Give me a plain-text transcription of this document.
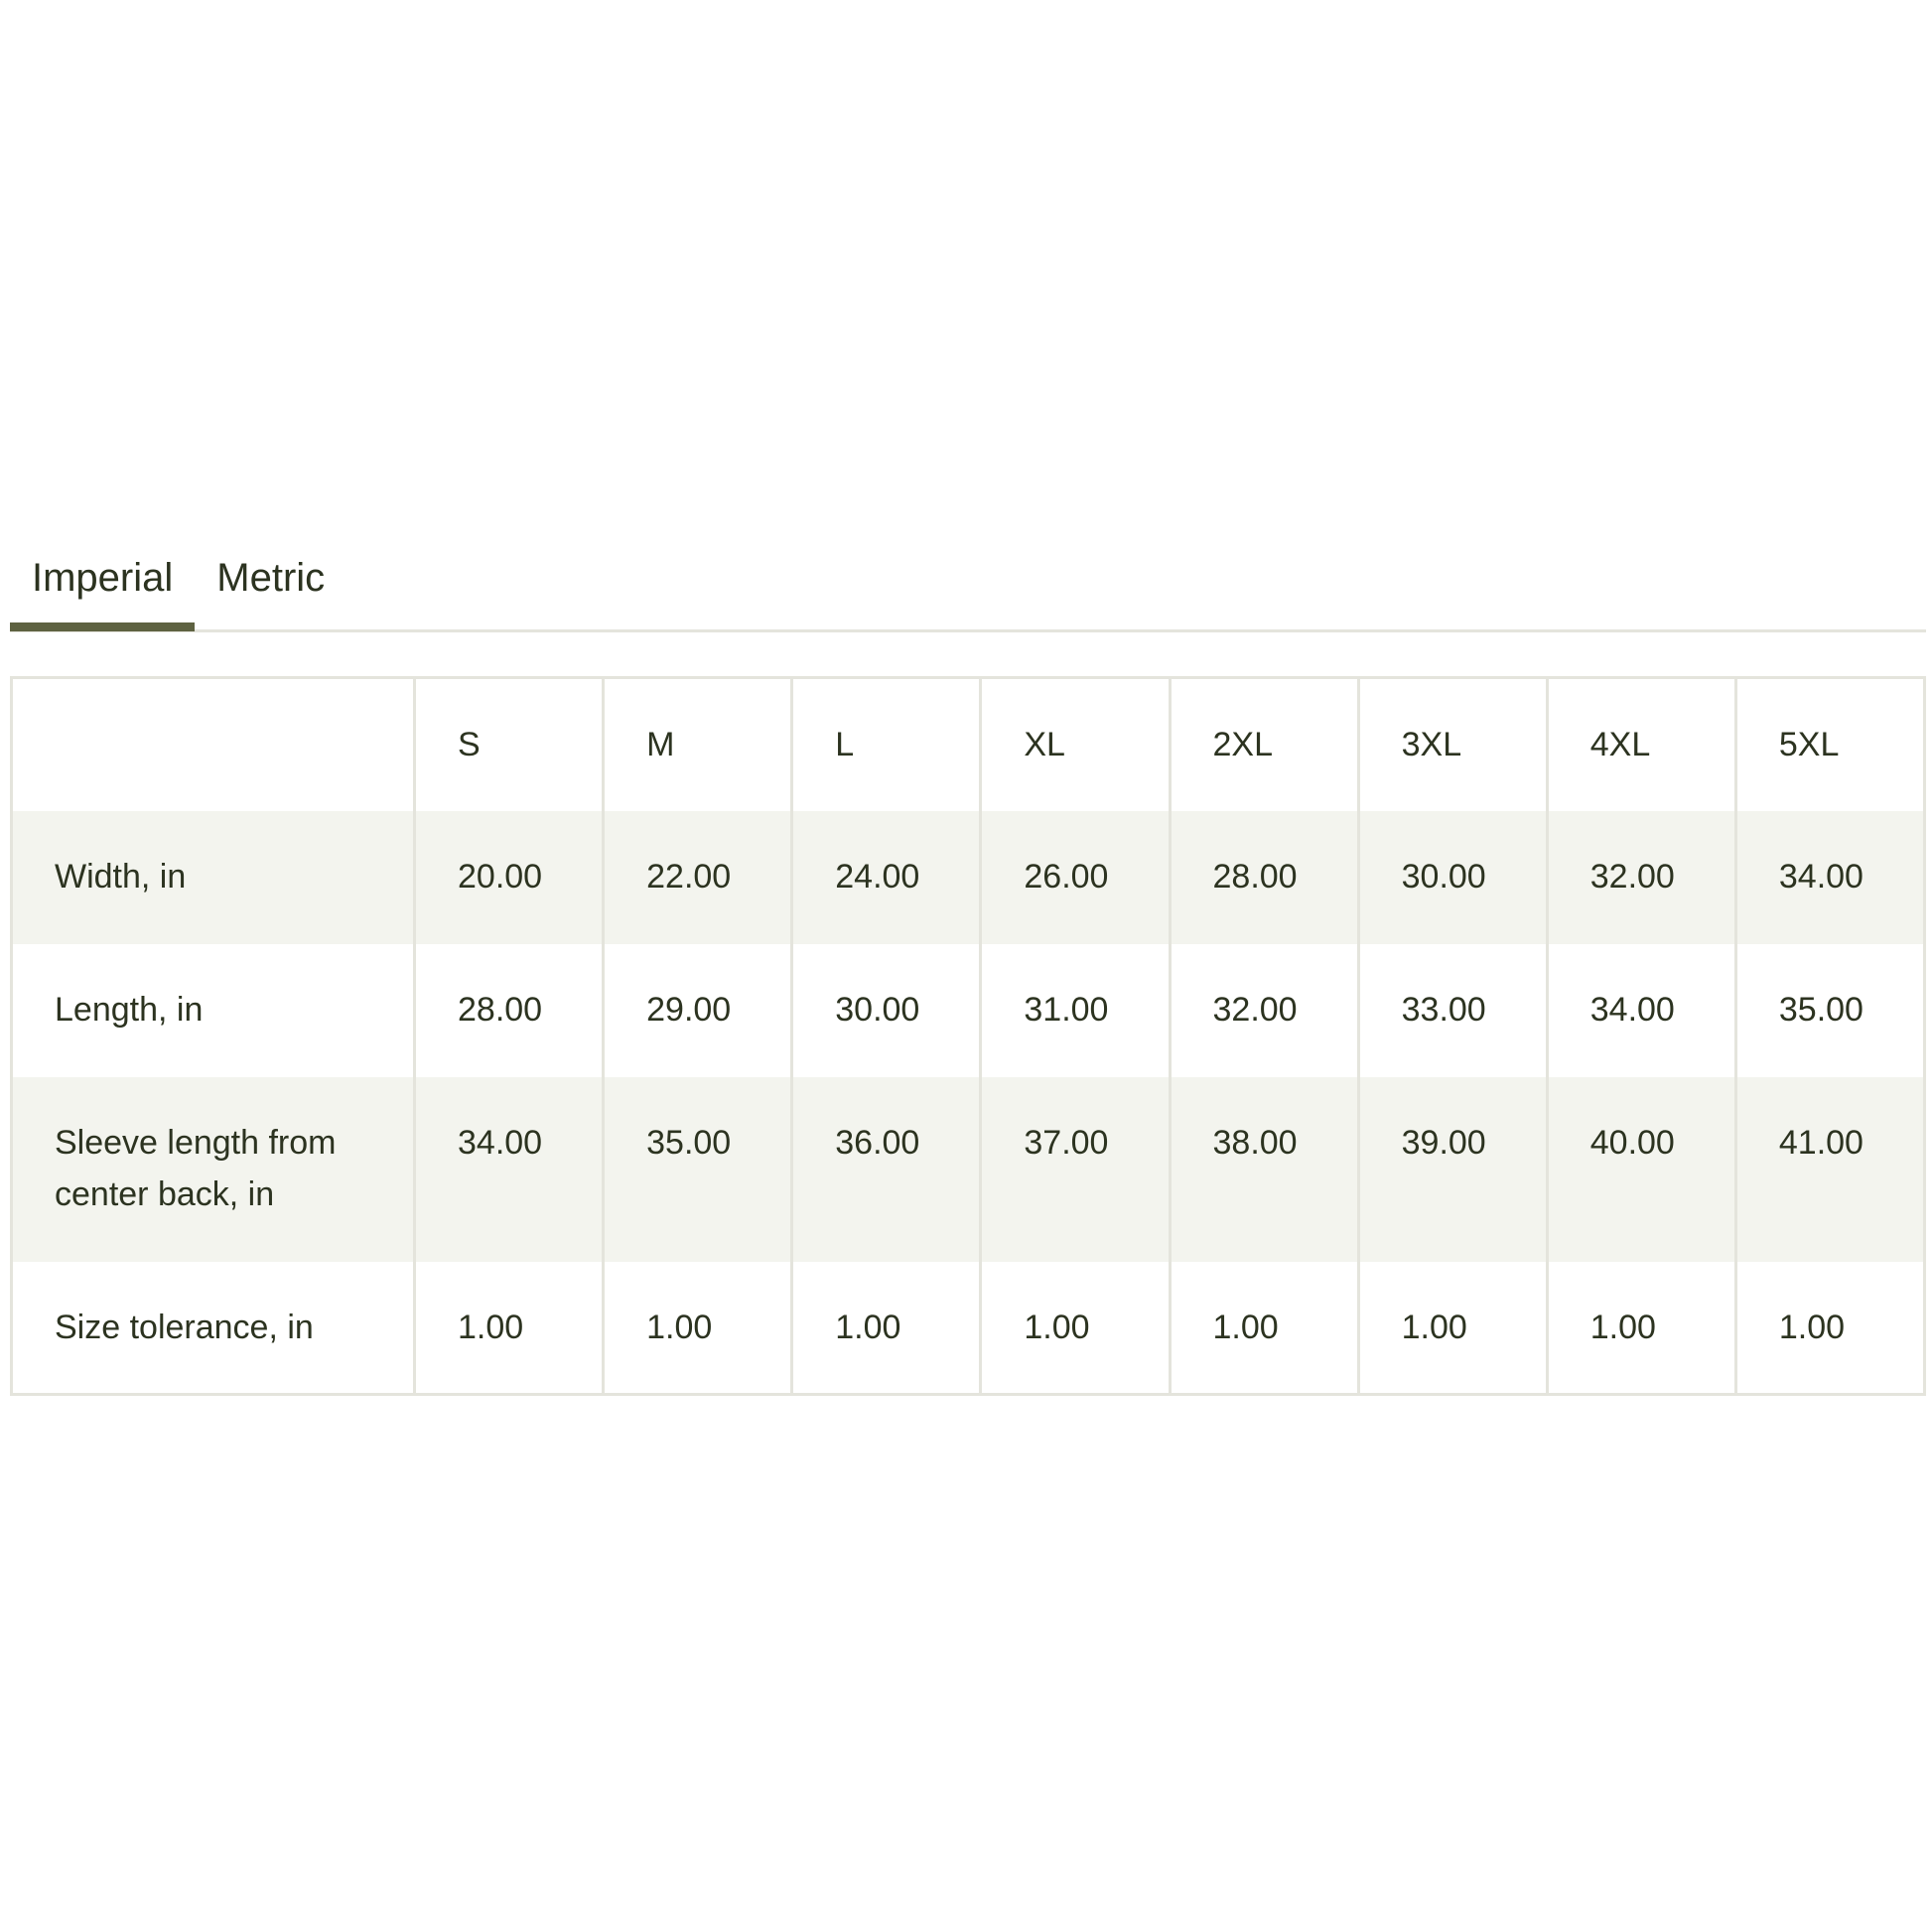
Imperial	Metric
	S	M	L	XL	2XL	3XL	4XL	5XL
Width, in	20.00	22.00	24.00	26.00	28.00	30.00	32.00	34.00
Length, in	28.00	29.00	30.00	31.00	32.00	33.00	34.00	35.00
Sleeve length from center back, in	34.00	35.00	36.00	37.00	38.00	39.00	40.00	41.00
Size tolerance, in	1.00	1.00	1.00	1.00	1.00	1.00	1.00	1.00
